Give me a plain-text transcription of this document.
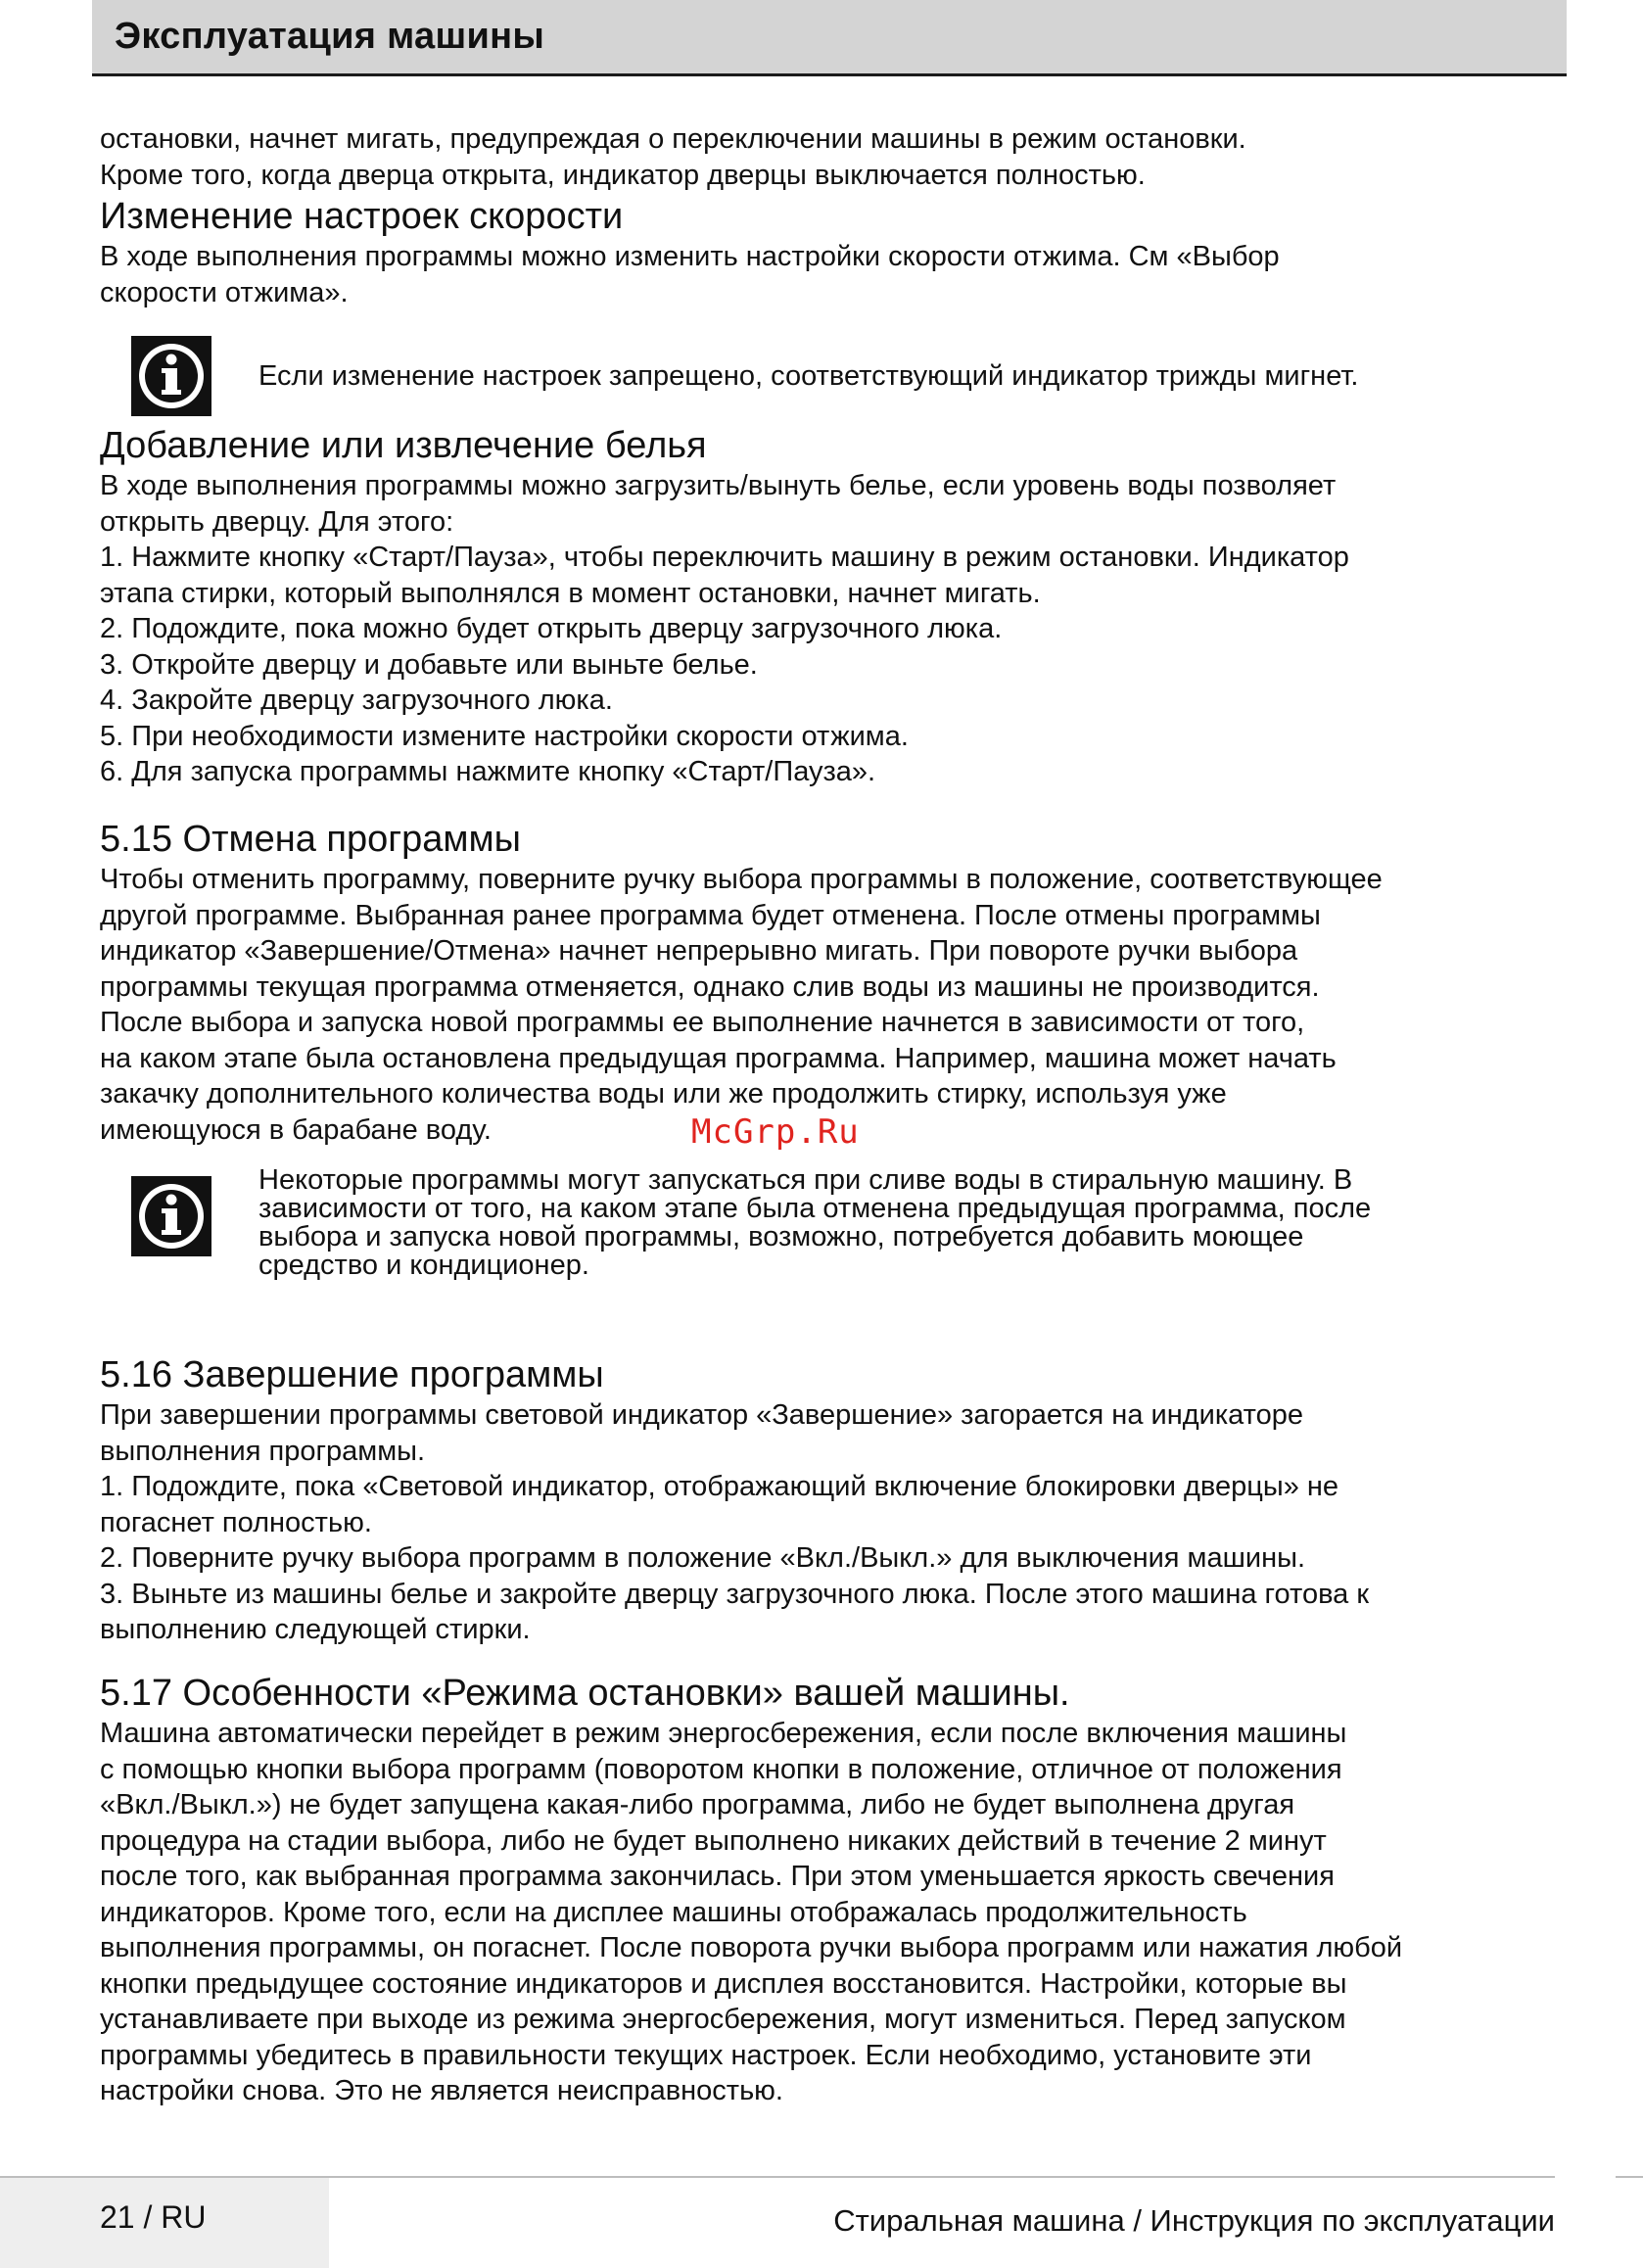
Эксплуатация машины

остановки, начнет мигать, предупреждая о переключении машины в режим остановки.

Кроме того, когда дверца открыта, индикатор дверцы выключается полностью.

Изменение настроек скорости

В ходе выполнения программы можно изменить настройки скорости отжима. См «Выбор

скорости отжима».

Если изменение настроек запрещено, соответствующий индикатор трижды мигнет.

Добавление или извлечение белья

В ходе выполнения программы можно загрузить/вынуть белье, если уровень воды позволяет

открыть дверцу. Для этого:

1. Нажмите кнопку «Старт/Пауза», чтобы переключить машину в режим остановки. Индикатор

этапа стирки, который выполнялся в момент остановки, начнет мигать.

2. Подождите, пока можно будет открыть дверцу загрузочного люка.

3. Откройте дверцу и добавьте или выньте белье.

4. Закройте дверцу загрузочного люка.

5. При необходимости измените настройки скорости отжима.

6. Для запуска программы нажмите кнопку «Старт/Пауза».

5.15 Отмена программы

Чтобы отменить программу, поверните ручку выбора программы в положение, соответствующее

другой программе. Выбранная ранее программа будет отменена. После отмены программы

индикатор «Завершение/Отмена» начнет непрерывно мигать. При повороте ручки выбора

программы текущая программа отменяется, однако слив воды из машины не производится.

После выбора и запуска новой программы ее выполнение начнется в зависимости от того,

на каком этапе была остановлена предыдущая программа. Например, машина может начать

закачку дополнительного количества воды или же продолжить стирку, используя уже

имеющуюся в барабане воду.	McGrp.Ru
Некоторые программы могут запускаться при сливе воды в стиральную машину. В
зависимости от того, на каком этапе была отменена предыдущая программа, после
выбора и запуска новой программы, возможно, потребуется добавить моющее
средство и кондиционер.
5.16 Завершение программы

При завершении программы световой индикатор «Завершение» загорается на индикаторе

выполнения программы.

1. Подождите, пока «Световой индикатор, отображающий включение блокировки дверцы» не

погаснет полностью.

2. Поверните ручку выбора программ в положение «Вкл./Выкл.» для выключения машины.

3. Выньте из машины белье и закройте дверцу загрузочного люка. После этого машина готова к

выполнению следующей стирки.

5.17 Особенности «Режима остановки» вашей машины.

Машина автоматически перейдет в режим энергосбережения, если после включения машины

с помощью кнопки выбора программ (поворотом кнопки в положение, отличное от положения

«Вкл./Выкл.») не будет запущена какая-либо программа, либо не будет выполнена другая

процедура на стадии выбора, либо не будет выполнено никаких действий в течение 2 минут

после того, как выбранная программа закончилась. При этом уменьшается яркость свечения

индикаторов. Кроме того, если на дисплее машины отображалась продолжительность

выполнения программы, он погаснет. После поворота ручки выбора программ или нажатия любой

кнопки предыдущее состояние индикаторов и дисплея восстановится. Настройки, которые вы

устанавливаете при выходе из режима энергосбережения, могут измениться. Перед запуском

программы убедитесь в правильности текущих настроек. Если необходимо, установите эти

настройки снова. Это не является неисправностью.

21 / RU	Стиральная машина / Инструкция по эксплуатации
